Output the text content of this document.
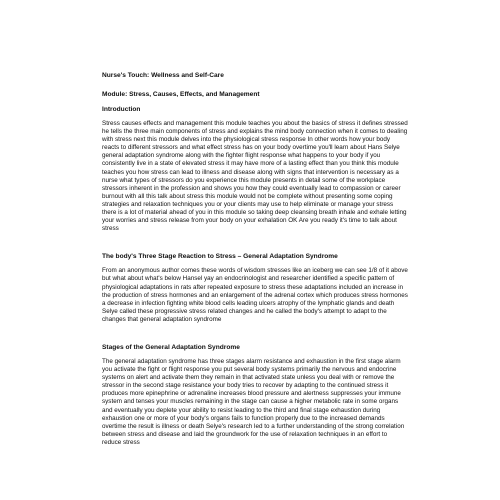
Nurse's Touch: Wellness and Self-Care
Module: Stress, Causes, Effects, and Management
Introduction

Stress causes effects and management this module teaches you about the basics of stress it defines stressed he tells the three main components of stress and explains the mind body connection when it comes to dealing with stress next this module delves into the physiological stress response In other words how your body reacts to different stressors and what effect stress has on your body overtime you'll learn about Hans Selye general adaptation syndrome along with the fighter flight response what happens to your body if you consistently live in a state of elevated stress it may have more of a lasting effect than you think this module teaches you how stress can lead to illness and disease along with signs that intervention is necessary as a nurse what types of stressors do you experience this module presents in detail some of the workplace stressors inherent in the profession and shows you how they could eventually lead to compassion or career burnout with all this talk about stress this module would not be complete without presenting some coping strategies and relaxation techniques you or your clients may use to help eliminate or manage your stress there is a lot of material ahead of you in this module so taking deep cleansing breath inhale and exhale letting your worries and stress release from your body on your exhalation OK Are you ready it's time to talk about stress

The body's Three Stage Reaction to Stress – General Adaptation Syndrome

From an anonymous author comes these words of wisdom stresses like an iceberg we can see 1/8 of it above but what about what's below Hansel yay an endocrinologist and researcher identified a specific pattern of physiological adaptations in rats after repeated exposure to stress these adaptations included an increase in the production of stress hormones and an enlargement of the adrenal cortex which produces stress hormones a decrease in infection fighting white blood cells leading ulcers atrophy of the lymphatic glands and death Selye called these progressive stress related changes and he called the body's attempt to adapt to the changes that general adaptation syndrome

Stages of the General Adaptation Syndrome

The general adaptation syndrome has three stages alarm resistance and exhaustion in the first stage alarm you activate the fight or flight response you put several body systems primarily the nervous and endocrine systems on alert and activate them they remain in that activated state unless you deal with or remove the stressor in the second stage resistance your body tries to recover by adapting to the continued stress it produces more epinephrine or adrenaline increases blood pressure and alertness suppresses your immune system and tenses your muscles remaining in the stage can cause a higher metabolic rate in some organs and eventually you deplete your ability to resist leading to the third and final stage exhaustion during exhaustion one or more of your body's organs fails to function properly due to the increased demands overtime the result is illness or death Selye's research led to a further understanding of the strong correlation between stress and disease and laid the groundwork for the use of relaxation techniques in an effort to reduce stress
